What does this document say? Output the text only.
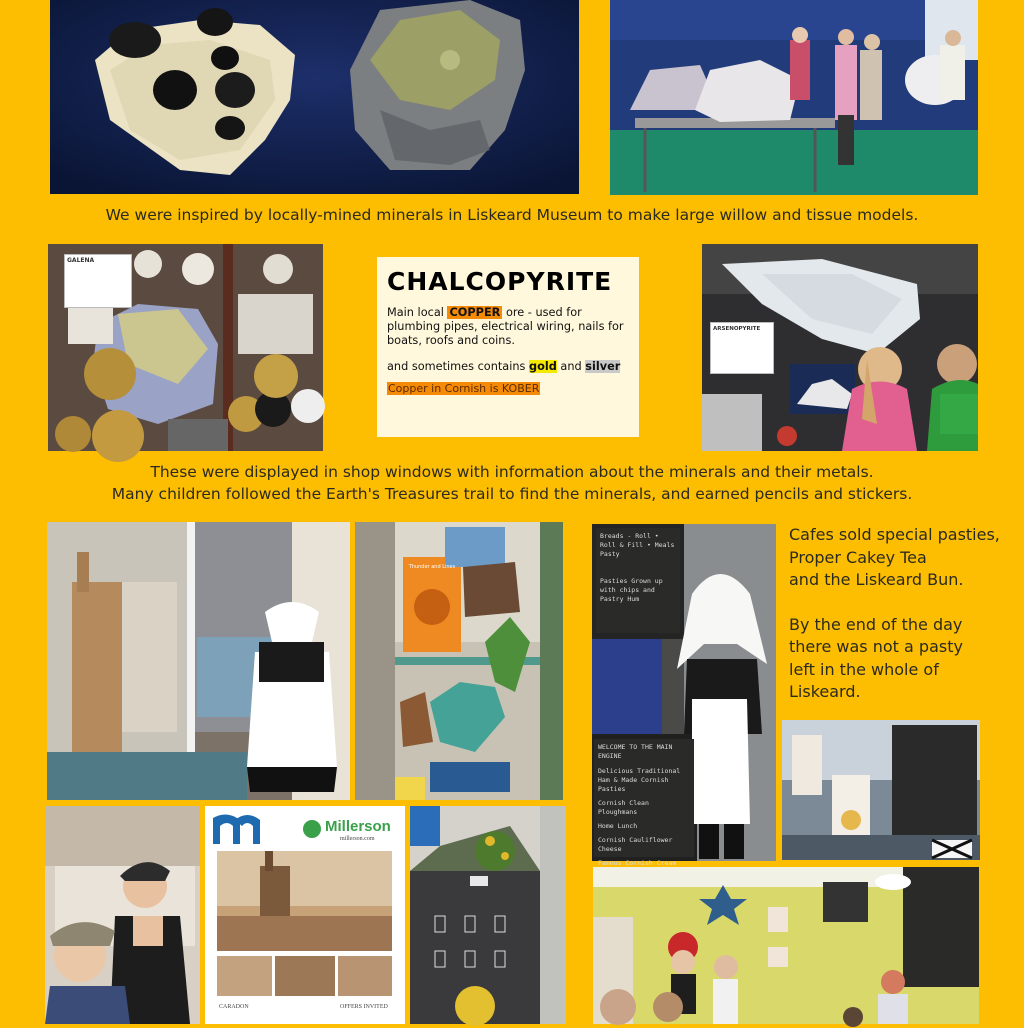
We were inspired by locally-mined minerals in Liskeard Museum to make large willow and tissue models.
GALENA
CHALCOPYRITE

Main local COPPER ore - used for plumbing pipes, electrical wiring, nails for boats, roofs and coins.

and sometimes contains gold and silver

Copper in Cornish is KOBER

ARSENOPYRITE
These were displayed in shop windows with information about the minerals and their metals.
Many children followed the Earth's Treasures trail to find the minerals, and earned pencils and stickers.
Thunder and Lines
Breads - Roll • Roll & Fill • Meals Pasty
Pasties Grown up with chips and Pastry Hum
WELCOME TO THE MAIN ENGINE
Delicious Traditional Ham & Made Cornish Pasties
Cornish Clean Ploughmans
Home Lunch
Cornish Cauliflower Cheese
Famous Cornish Cream
Cafes sold special pasties,
Proper Cakey Tea
and the Liskeard Bun.
By the end of the day
there was not a pasty
left in the whole of
Liskeard.
Millerson
millerson.com
CARADON	OFFERS INVITED
